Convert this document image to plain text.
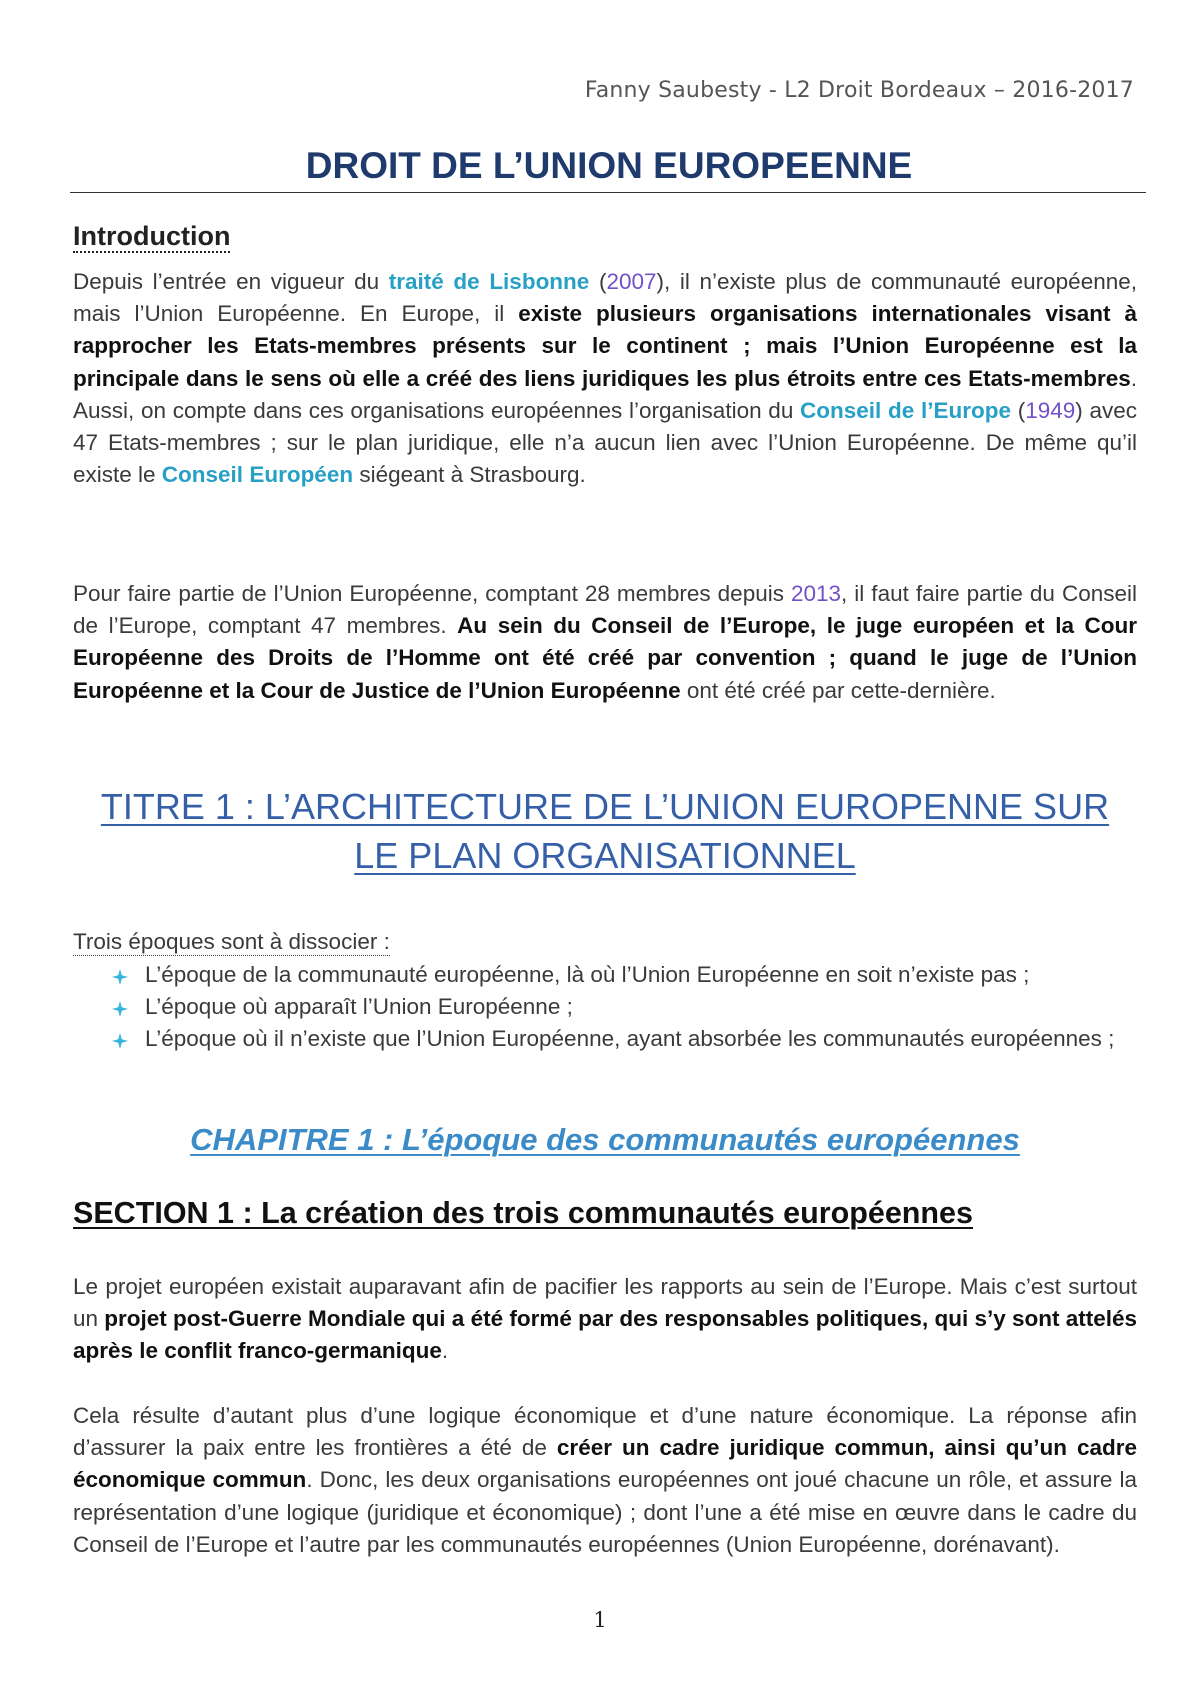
Fanny Saubesty - L2 Droit Bordeaux – 2016-2017
DROIT DE L’UNION EUROPEENNE
Introduction

Depuis l’entrée en vigueur du traité de Lisbonne (2007), il n’existe plus de communauté européenne, mais l’Union Européenne. En Europe, il existe plusieurs organisations internationales visant à rapprocher les Etats-membres présents sur le continent ; mais l’Union Européenne est la principale dans le sens où elle a créé des liens juridiques les plus étroits entre ces Etats-membres. Aussi, on compte dans ces organisations européennes l’organisation du Conseil de l’Europe (1949) avec 47 Etats-membres ; sur le plan juridique, elle n’a aucun lien avec l’Union Européenne. De même qu’il existe le Conseil Européen siégeant à Strasbourg.

Pour faire partie de l’Union Européenne, comptant 28 membres depuis 2013, il faut faire partie du Conseil de l’Europe, comptant 47 membres. Au sein du Conseil de l’Europe, le juge européen et la Cour Européenne des Droits de l’Homme ont été créé par convention ; quand le juge de l’Union Européenne et la Cour de Justice de l’Union Européenne ont été créé par cette-dernière.

TITRE 1 : L’ARCHITECTURE DE L’UNION EUROPENNE SUR
LE PLAN ORGANISATIONNEL
Trois époques sont à dissocier :
L’époque de la communauté européenne, là où l’Union Européenne en soit n’existe pas ;
L’époque où apparaît l’Union Européenne ;
L’époque où il n’existe que l’Union Européenne, ayant absorbée les communautés européennes ;
CHAPITRE 1 : L’époque des communautés européennes
SECTION 1 : La création des trois communautés européennes

Le projet européen existait auparavant afin de pacifier les rapports au sein de l’Europe. Mais c’est surtout un projet post-Guerre Mondiale qui a été formé par des responsables politiques, qui s’y sont attelés après le conflit franco-germanique.

Cela résulte d’autant plus d’une logique économique et d’une nature économique. La réponse afin d’assurer la paix entre les frontières a été de créer un cadre juridique commun, ainsi qu’un cadre économique commun. Donc, les deux organisations européennes ont joué chacune un rôle, et assure la représentation d’une logique (juridique et économique) ; dont l’une a été mise en œuvre dans le cadre du Conseil de l’Europe et l’autre par les communautés européennes (Union Européenne, dorénavant).

1
